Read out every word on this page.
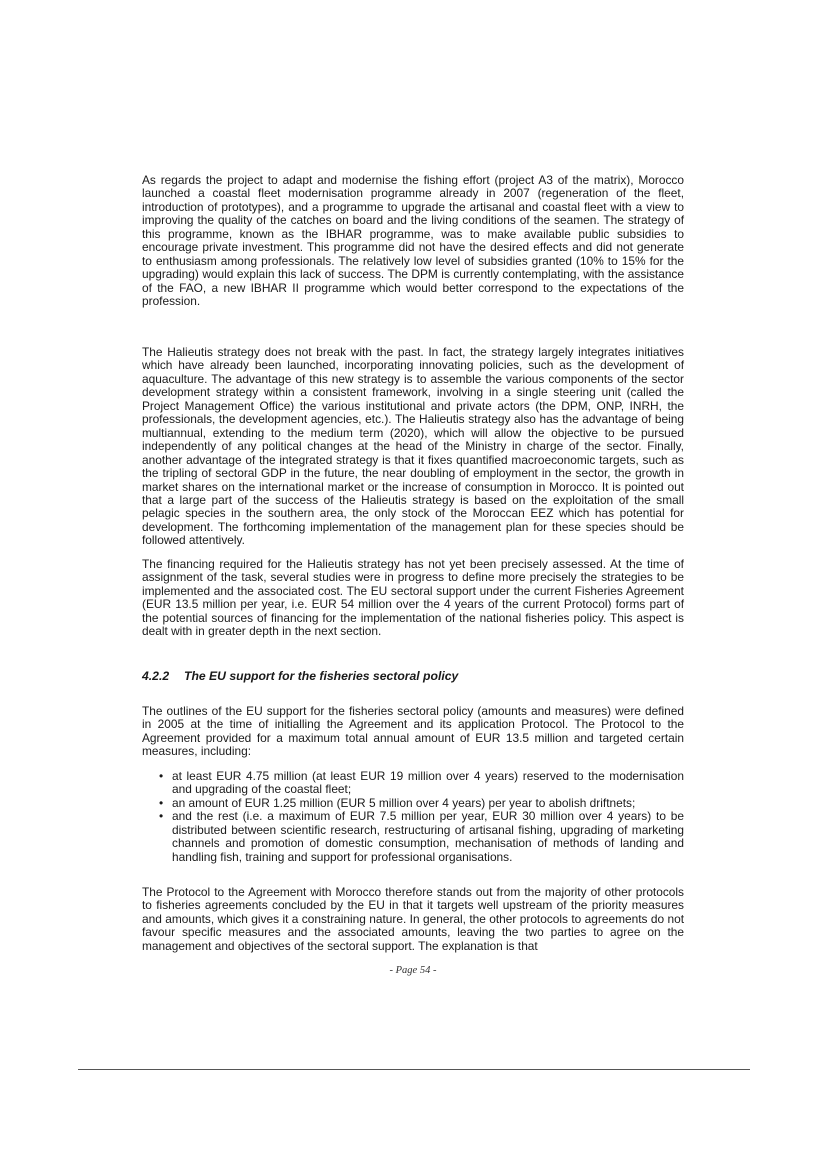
As regards the project to adapt and modernise the fishing effort (project A3 of the matrix), Morocco launched a coastal fleet modernisation programme already in 2007 (regeneration of the fleet, introduction of prototypes), and a programme to upgrade the artisanal and coastal fleet with a view to improving the quality of the catches on board and the living conditions of the seamen. The strategy of this programme, known as the IBHAR programme, was to make available public subsidies to encourage private investment. This programme did not have the desired effects and did not generate to enthusiasm among professionals. The relatively low level of subsidies granted (10% to 15% for the upgrading) would explain this lack of success. The DPM is currently contemplating, with the assistance of the FAO, a new IBHAR II programme which would better correspond to the expectations of the profession.

The Halieutis strategy does not break with the past. In fact, the strategy largely integrates initiatives which have already been launched, incorporating innovating policies, such as the development of aquaculture. The advantage of this new strategy is to assemble the various components of the sector development strategy within a consistent framework, involving in a single steering unit (called the Project Management Office) the various institutional and private actors (the DPM, ONP, INRH, the professionals, the development agencies, etc.). The Halieutis strategy also has the advantage of being multiannual, extending to the medium term (2020), which will allow the objective to be pursued independently of any political changes at the head of the Ministry in charge of the sector. Finally, another advantage of the integrated strategy is that it fixes quantified macroeconomic targets, such as the tripling of sectoral GDP in the future, the near doubling of employment in the sector, the growth in market shares on the international market or the increase of consumption in Morocco. It is pointed out that a large part of the success of the Halieutis strategy is based on the exploitation of the small pelagic species in the southern area, the only stock of the Moroccan EEZ which has potential for development. The forthcoming implementation of the management plan for these species should be followed attentively.

The financing required for the Halieutis strategy has not yet been precisely assessed. At the time of assignment of the task, several studies were in progress to define more precisely the strategies to be implemented and the associated cost. The EU sectoral support under the current Fisheries Agreement (EUR 13.5 million per year, i.e. EUR 54 million over the 4 years of the current Protocol) forms part of the potential sources of financing for the implementation of the national fisheries policy. This aspect is dealt with in greater depth in the next section.

4.2.2 The EU support for the fisheries sectoral policy

The outlines of the EU support for the fisheries sectoral policy (amounts and measures) were defined in 2005 at the time of initialling the Agreement and its application Protocol. The Protocol to the Agreement provided for a maximum total annual amount of EUR 13.5 million and targeted certain measures, including:

• at least EUR 4.75 million (at least EUR 19 million over 4 years) reserved to the modernisation and upgrading of the coastal fleet;
• an amount of EUR 1.25 million (EUR 5 million over 4 years) per year to abolish driftnets;
• and the rest (i.e. a maximum of EUR 7.5 million per year, EUR 30 million over 4 years) to be distributed between scientific research, restructuring of artisanal fishing, upgrading of marketing channels and promotion of domestic consumption, mechanisation of methods of landing and handling fish, training and support for professional organisations.

The Protocol to the Agreement with Morocco therefore stands out from the majority of other protocols to fisheries agreements concluded by the EU in that it targets well upstream of the priority measures and amounts, which gives it a constraining nature. In general, the other protocols to agreements do not favour specific measures and the associated amounts, leaving the two parties to agree on the management and objectives of the sectoral support. The explanation is that

- Page 54 -
